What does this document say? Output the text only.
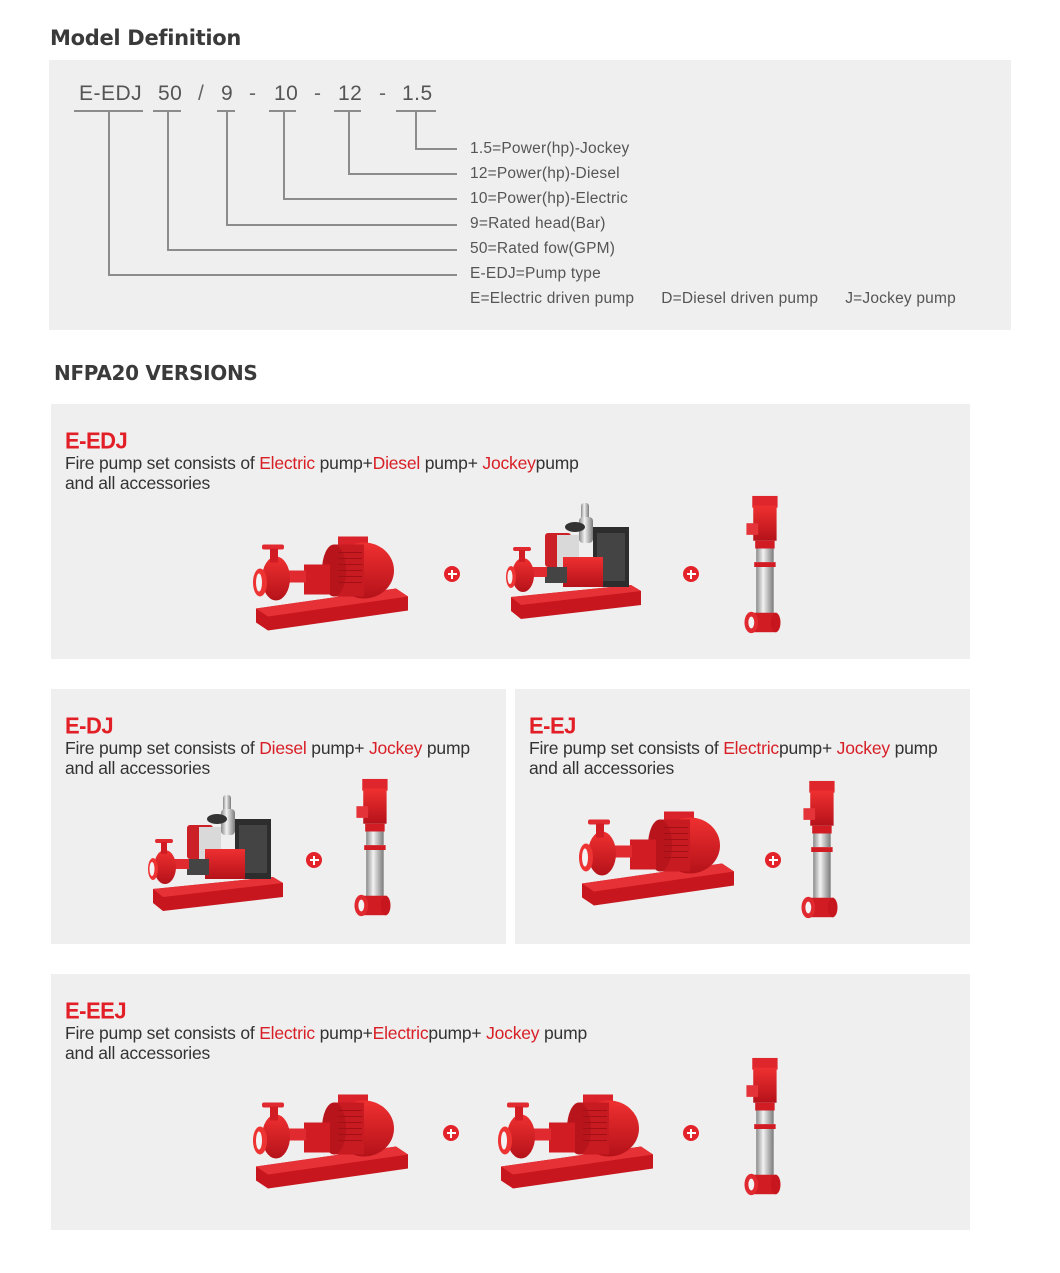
Model Definition
E-EDJ 50 / 9 - 10 - 12 - 1.5
1.5=Power(hp)-Jockey
12=Power(hp)-Diesel
10=Power(hp)-Electric
9=Rated head(Bar)
50=Rated fow(GPM)
E-EDJ=Pump type
E=Electric driven pump D=Diesel driven pump J=Jockey pump
NFPA20 VERSIONS
E-EDJ
Fire pump set consists of Electric pump+Diesel pump+ Jockeypump
and all accessories
E-DJ
Fire pump set consists of Diesel pump+ Jockey pump
and all accessories
E-EJ
Fire pump set consists of Electricpump+ Jockey pump
and all accessories
E-EEJ
Fire pump set consists of Electric pump+Electricpump+ Jockey pump
and all accessories
